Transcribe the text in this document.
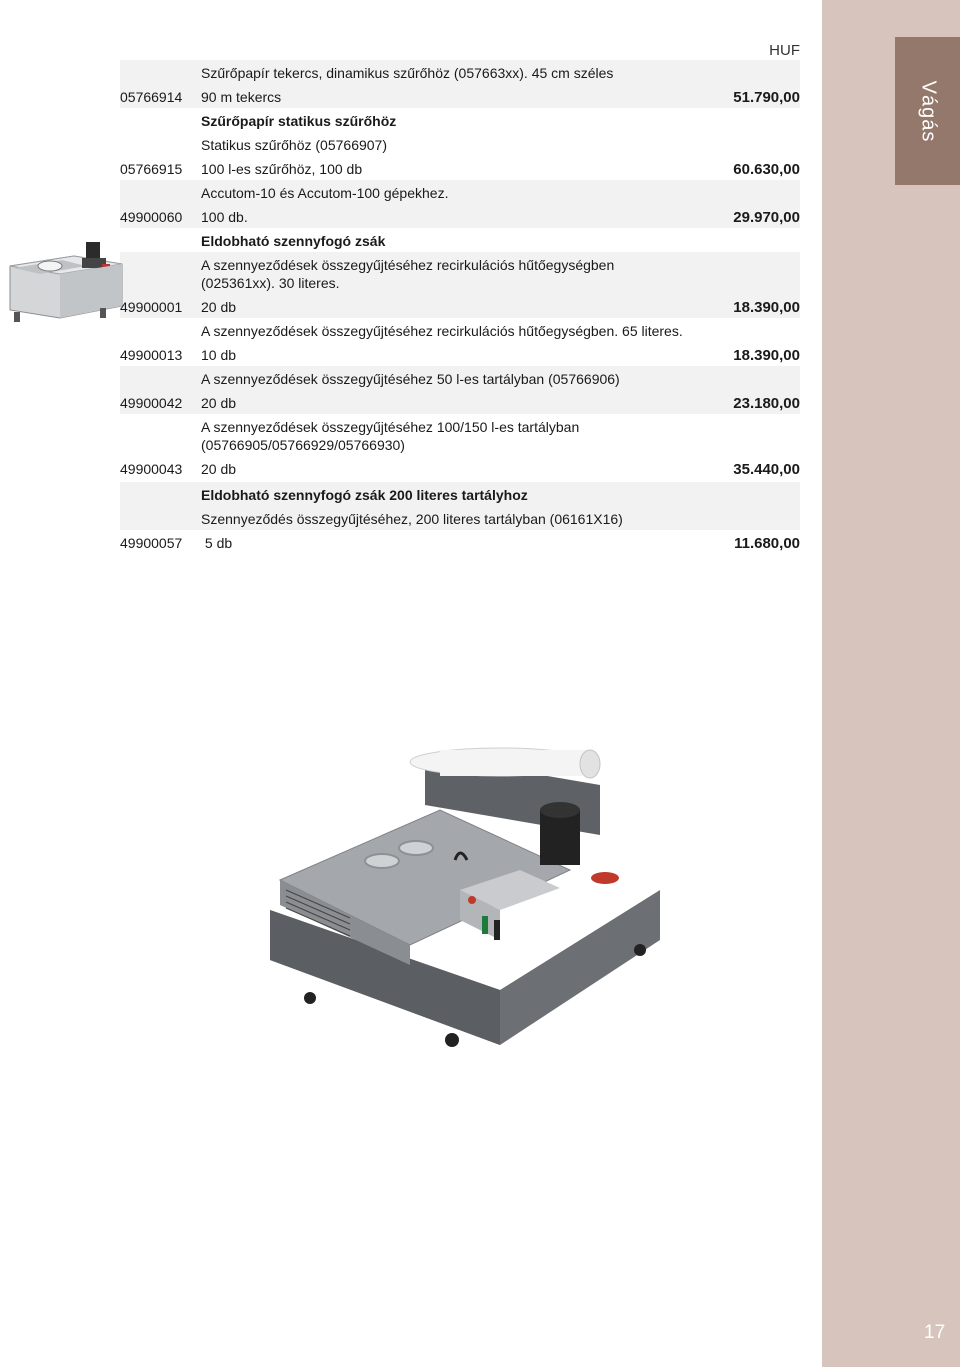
Vágás
17
HUF
Szűrőpapír tekercs, dinamikus szűrőhöz (057663xx). 45 cm széles
05766914 90 m tekercs	51.790,00
Szűrőpapír statikus szűrőhöz
Statikus szűrőhöz (05766907)
05766915 100 l-es szűrőhöz, 100 db	60.630,00
Accutom-10 és Accutom-100 gépekhez.
49900060 100 db.	29.970,00
Eldobható szennyfogó zsák
A szennyeződések összegyűjtéséhez recirkulációs hűtőegységben (025361xx). 30 literes.
49900001 20 db	18.390,00
A szennyeződések összegyűjtéséhez recirkulációs hűtőegységben. 65 literes.
49900013 10 db	18.390,00
A szennyeződések összegyűjtéséhez 50 l-es tartályban (05766906)
49900042 20 db	23.180,00
A szennyeződések összegyűjtéséhez 100/150 l-es tartályban (05766905/05766929/05766930)
49900043 20 db	35.440,00
Eldobható szennyfogó zsák 200 literes tartályhoz
Szennyeződés összegyűjtéséhez, 200 literes tartályban (06161X16)
49900057 5 db	11.680,00
